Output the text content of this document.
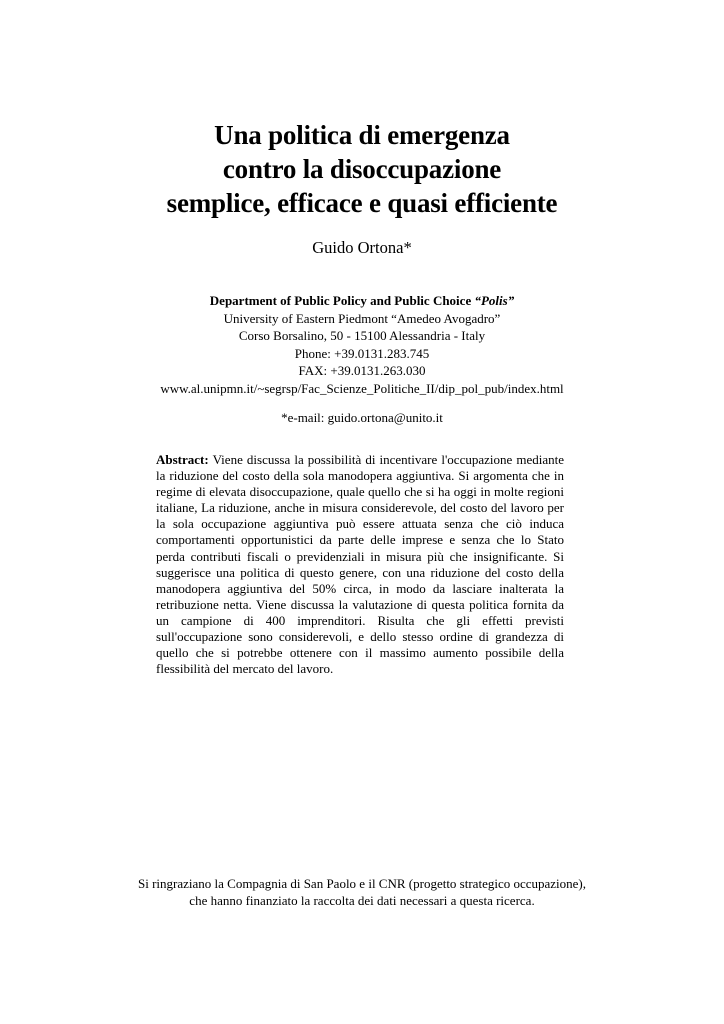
Una politica di emergenza
contro la disoccupazione
semplice, efficace e quasi efficiente
Guido Ortona*
Department of Public Policy and Public Choice “Polis”
University of Eastern Piedmont “Amedeo Avogadro”
Corso Borsalino, 50 - 15100 Alessandria - Italy
Phone: +39.0131.283.745
FAX: +39.0131.263.030
www.al.unipmn.it/~segrsp/Fac_Scienze_Politiche_II/dip_pol_pub/index.html
*e-mail: guido.ortona@unito.it
Abstract: Viene discussa la possibilità di incentivare l'occupazione mediante la riduzione del costo della sola manodopera aggiuntiva. Si argomenta che in regime di elevata disoccupazione, quale quello che si ha oggi in molte regioni italiane, La riduzione, anche in misura considerevole, del costo del lavoro per la sola occupazione aggiuntiva può essere attuata senza che ciò induca comportamenti opportunistici da parte delle imprese e senza che lo Stato perda contributi fiscali o previdenziali in misura più che insignificante. Si suggerisce una politica di questo genere, con una riduzione del costo della manodopera aggiuntiva del 50% circa, in modo da lasciare inalterata la retribuzione netta. Viene discussa la valutazione di questa politica fornita da un campione di 400 imprenditori. Risulta che gli effetti previsti sull'occupazione sono considerevoli, e dello stesso ordine di grandezza di quello che si potrebbe ottenere con il massimo aumento possibile della flessibilità del mercato del lavoro.
Si ringraziano la Compagnia di San Paolo e il CNR (progetto strategico occupazione),
che hanno finanziato la raccolta dei dati necessari a questa ricerca.
